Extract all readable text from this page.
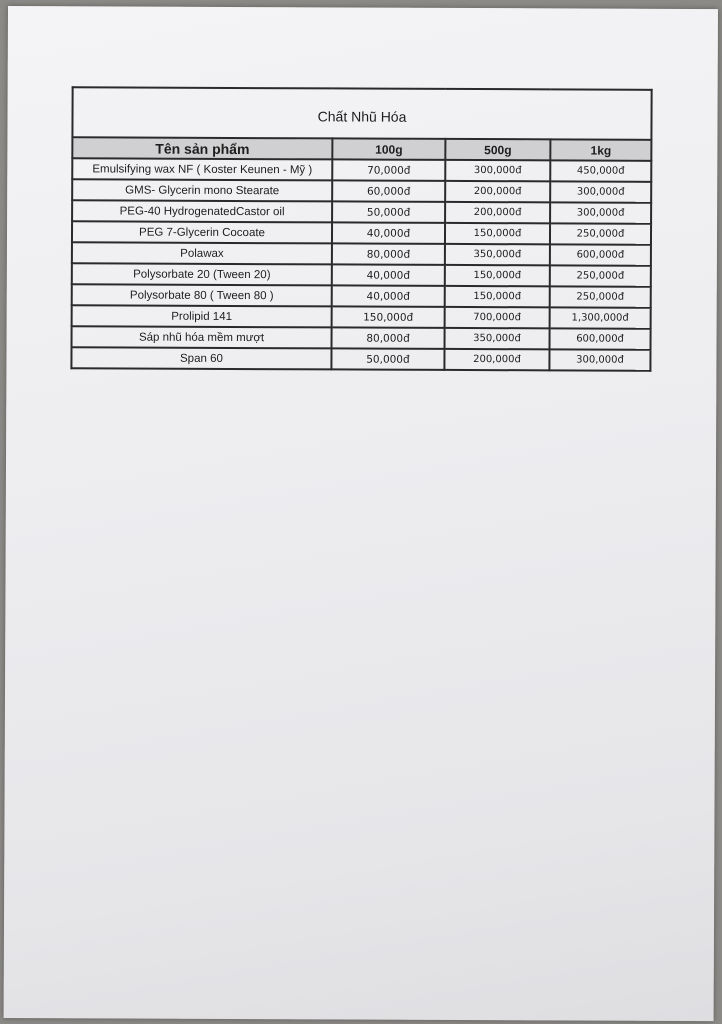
Chất Nhũ Hóa			
Tên sản phẩm	100g	500g	1kg
Emulsifying wax NF ( Koster Keunen - Mỹ )	70,000đ	300,000đ	450,000đ
GMS- Glycerin mono Stearate	60,000đ	200,000đ	300,000đ
PEG-40 HydrogenatedCastor oil	50,000đ	200,000đ	300,000đ
PEG 7-Glycerin Cocoate	40,000đ	150,000đ	250,000đ
Polawax	80,000đ	350,000đ	600,000đ
Polysorbate 20 (Tween 20)	40,000đ	150,000đ	250,000đ
Polysorbate 80 ( Tween 80 )	40,000đ	150,000đ	250,000đ
Prolipid 141	150,000đ	700,000đ	1,300,000đ
Sáp nhũ hóa mềm mượt	80,000đ	350,000đ	600,000đ
Span 60	50,000đ	200,000đ	300,000đ
